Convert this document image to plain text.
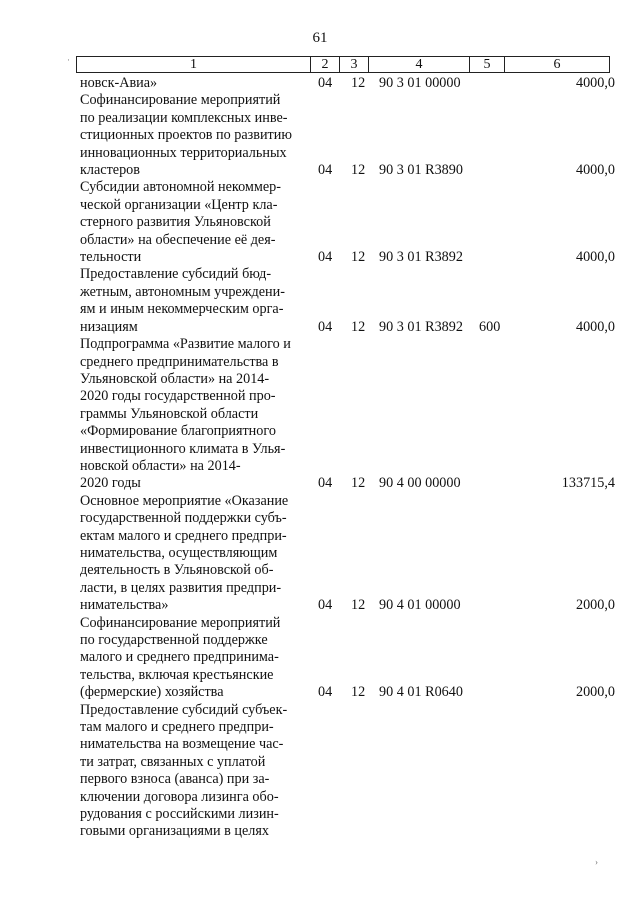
61
1	2	3	4	5	6
новск-Авиа»	04	12 90 3 01 00000	4000,0
Софинансирование мероприятий
по реализации комплексных инве-
стиционных проектов по развитию
инновационных территориальных
кластеров	04	12 90 3 01 R3890	4000,0
Субсидии автономной некоммер-
ческой организации «Центр кла-
стерного развития Ульяновской
области» на обеспечение её дея-
тельности	04	12 90 3 01 R3892	4000,0
Предоставление субсидий бюд-
жетным, автономным учреждени-
ям и иным некоммерческим орга-
низациям	04	12 90 3 01 R3892	600	4000,0
Подпрограмма «Развитие малого и
среднего предпринимательства в
Ульяновской области» на 2014-
2020 годы государственной про-
граммы Ульяновской области
«Формирование благоприятного
инвестиционного климата в Улья-
новской области» на 2014-
2020 годы	04	12 90 4 00 00000	133715,4
Основное мероприятие «Оказание
государственной поддержки субъ-
ектам малого и среднего предпри-
нимательства, осуществляющим
деятельность в Ульяновской об-
ласти, в целях развития предпри-
нимательства»	04	12 90 4 01 00000	2000,0
Софинансирование мероприятий
по государственной поддержке
малого и среднего предпринима-
тельства, включая крестьянские
(фермерские) хозяйства	04	12 90 4 01 R0640	2000,0
Предоставление субсидий субъек-
там малого и среднего предпри-
нимательства на возмещение час-
ти затрат, связанных с уплатой
первого взноса (аванса) при за-
ключении договора лизинга обо-
рудования с российскими лизин-
говыми организациями в целях
·
›
